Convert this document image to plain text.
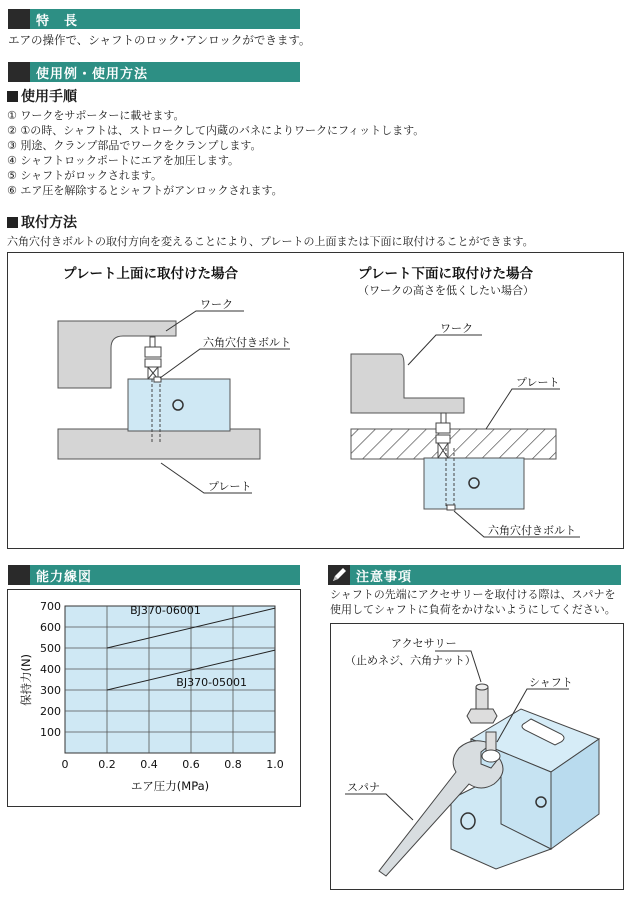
特　長
エアの操作で、シャフトのロック･アンロックができます。
使用例・使用方法
使用手順
① ワークをサポーターに載せます。
② ①の時、シャフトは、ストロークして内蔵のバネによりワークにフィットします。
③ 別途、クランプ部品でワークをクランプします。
④ シャフトロックポートにエアを加圧します。
⑤ シャフトがロックされます。
⑥ エア圧を解除するとシャフトがアンロックされます。
取付方法
六角穴付きボルトの取付方向を変えることにより、プレートの上面または下面に取付けることができます。
プレート上面に取付けた場合	プレート下面に取付けた場合
（ワークの高さを低くしたい場合）
ワーク
六角穴付きボルト
プレート
ワーク
プレート
六角穴付きボルト
能力線図
BJ370-06001
BJ370-05001
0	0.2 0.4 0.6 0.8 1.0
100
200
300
400
500
600
700
エア圧力(MPa)
保持力(N)
注意事項
シャフトの先端にアクセサリーを取付ける際は、スパナを
使用してシャフトに負荷をかけないようにしてください。
アクセサリー
（止めネジ、六角ナット）
シャフト
スパナ
